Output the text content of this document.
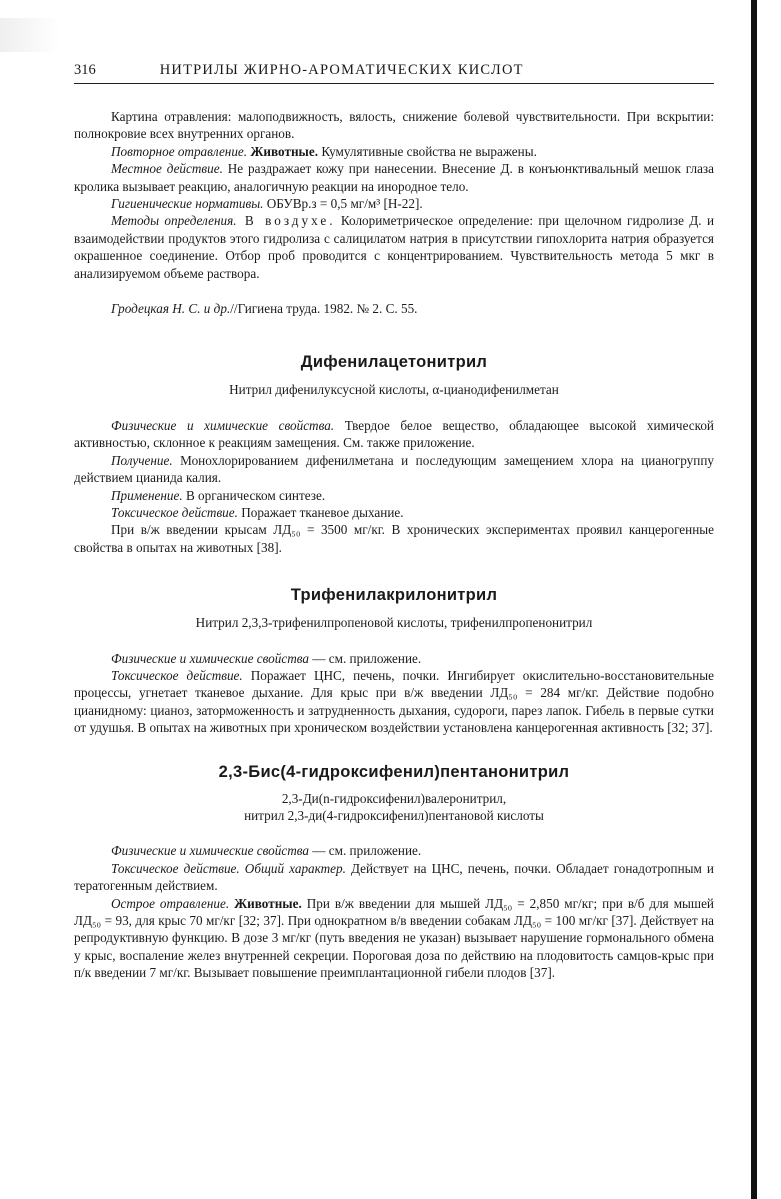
316	НИТРИЛЫ ЖИРНО-АРОМАТИЧЕСКИХ КИСЛОТ

Картина отравления: малоподвижность, вялость, снижение болевой чувствительности. При вскрытии: полнокровие всех внутренних органов.

Повторное отравление. Животные. Кумулятивные свойства не выражены.

Местное действие. Не раздражает кожу при нанесении. Внесение Д. в конъюнктивальный мешок глаза кролика вызывает реакцию, аналогичную реакции на инородное тело.

Гигиенические нормативы. ОБУВр.з = 0,5 мг/м³ [Н-22].

Методы определения. В воздухе. Колориметрическое определение: при щелочном гидролизе Д. и взаимодействии продуктов этого гидролиза с салицилатом натрия в присутствии гипохлорита натрия образуется окрашенное соединение. Отбор проб проводится с концентрированием. Чувствительность метода 5 мкг в анализируемом объеме раствора.

Гродецкая Н. С. и др.//Гигиена труда. 1982. № 2. С. 55.

Дифенилацетонитрил

Нитрил дифенилуксусной кислоты, α-цианодифенилметан

Физические и химические свойства. Твердое белое вещество, обладающее высокой химической активностью, склонное к реакциям замещения. См. также приложение.

Получение. Монохлорированием дифенилметана и последующим замещением хлора на цианогруппу действием цианида калия.

Применение. В органическом синтезе.

Токсическое действие. Поражает тканевое дыхание.

При в/ж введении крысам ЛД₅₀ = 3500 мг/кг. В хронических экспериментах проявил канцерогенные свойства в опытах на животных [38].

Трифенилакрилонитрил

Нитрил 2,3,3-трифенилпропеновой кислоты, трифенилпропенонитрил

Физические и химические свойства — см. приложение.

Токсическое действие. Поражает ЦНС, печень, почки. Ингибирует окислительно-восстановительные процессы, угнетает тканевое дыхание. Для крыс при в/ж введении ЛД₅₀ = 284 мг/кг. Действие подобно цианидному: цианоз, заторможенность и затрудненность дыхания, судороги, парез лапок. Гибель в первые сутки от удушья. В опытах на животных при хроническом воздействии установлена канцерогенная активность [32; 37].

2,3-Бис(4-гидроксифенил)пентанонитрил

2,3-Ди(n-гидроксифенил)валеронитрил,

нитрил 2,3-ди(4-гидроксифенил)пентановой кислоты

Физические и химические свойства — см. приложение.

Токсическое действие. Общий характер. Действует на ЦНС, печень, почки. Обладает гонадотропным и тератогенным действием.

Острое отравление. Животные. При в/ж введении для мышей ЛД₅₀ = 2,850 мг/кг; при в/б для мышей ЛД₅₀ = 93, для крыс 70 мг/кг [32; 37]. При однократном в/в введении собакам ЛД₅₀ = 100 мг/кг [37]. Действует на репродуктивную функцию. В дозе 3 мг/кг (путь введения не указан) вызывает нарушение гормонального обмена у крыс, воспаление желез внутренней секреции. Пороговая доза по действию на плодовитость самцов-крыс при п/к введении 7 мг/кг. Вызывает повышение преимплантационной гибели плодов [37].
